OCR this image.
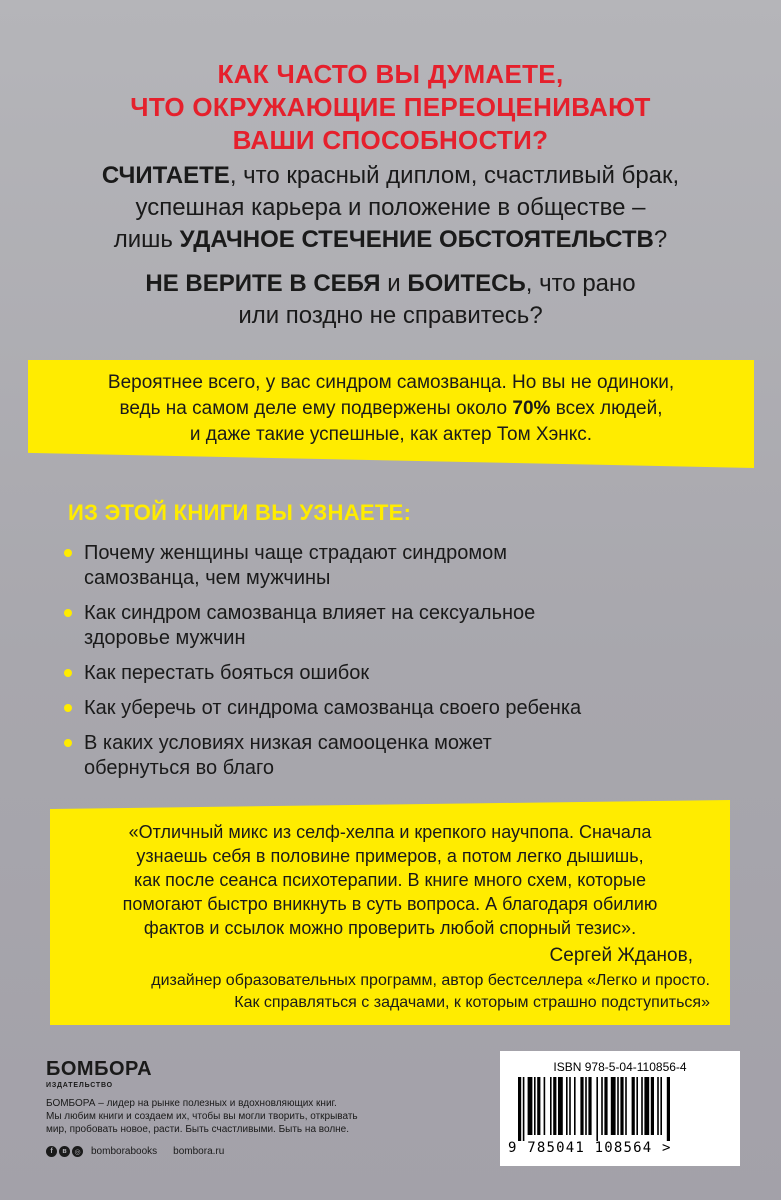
КАК ЧАСТО ВЫ ДУМАЕТЕ,
ЧТО ОКРУЖАЮЩИЕ ПЕРЕОЦЕНИВАЮТ
ВАШИ СПОСОБНОСТИ?
СЧИТАЕТЕ, что красный диплом, счастливый брак,
успешная карьера и положение в обществе –
лишь УДАЧНОЕ СТЕЧЕНИЕ ОБСТОЯТЕЛЬСТВ?
НЕ ВЕРИТЕ В СЕБЯ и БОИТЕСЬ, что рано
или поздно не справитесь?
Вероятнее всего, у вас синдром самозванца. Но вы не одиноки,
ведь на самом деле ему подвержены около 70% всех людей,
и даже такие успешные, как актер Том Хэнкс.
ИЗ ЭТОЙ КНИГИ ВЫ УЗНАЕТЕ:
Почему женщины чаще страдают синдромом
самозванца, чем мужчины
Как синдром самозванца влияет на сексуальное
здоровье мужчин
Как перестать бояться ошибок
Как уберечь от синдрома самозванца своего ребенка
В каких условиях низкая самооценка может
обернуться во благо
«Отличный микс из селф-хелпа и крепкого научпопа. Сначала
узнаешь себя в половине примеров, а потом легко дышишь,
как после сеанса психотерапии. В книге много схем, которые
помогают быстро вникнуть в суть вопроса. А благодаря обилию
фактов и ссылок можно проверить любой спорный тезис».
Сергей Жданов,
дизайнер образовательных программ, автор бестселлера «Легко и просто.
Как справляться с задачами, к которым страшно подступиться»
БОМБОРА
ИЗДАТЕЛЬСТВО
БОМБОРА – лидер на рынке полезных и вдохновляющих книг.
Мы любим книги и создаем их, чтобы вы могли творить, открывать
мир, пробовать новое, расти. Быть счастливыми. Быть на волне.
f	в	◎ bomborabooks bombora.ru
ISBN 978-5-04-110856-4
9 785041 108564 >
